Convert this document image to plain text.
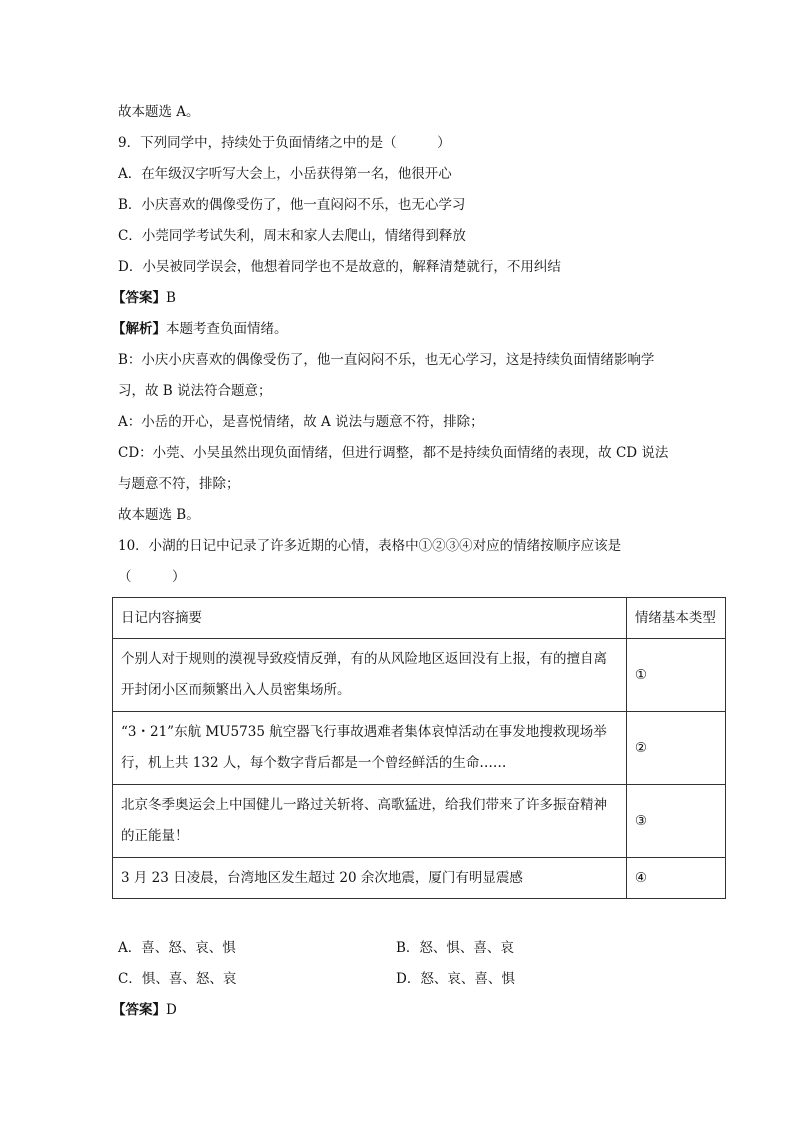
故本题选 A。
9．下列同学中，持续处于负面情绪之中的是（　　　）
A．在年级汉字听写大会上，小岳获得第一名，他很开心
B．小庆喜欢的偶像受伤了，他一直闷闷不乐，也无心学习
C．小莞同学考试失利，周末和家人去爬山，情绪得到释放
D．小吴被同学误会，他想着同学也不是故意的，解释清楚就行，不用纠结
【答案】B
【解析】本题考查负面情绪。
B：小庆小庆喜欢的偶像受伤了，他一直闷闷不乐，也无心学习，这是持续负面情绪影响学
习，故 B 说法符合题意；
A：小岳的开心，是喜悦情绪，故 A 说法与题意不符，排除；
CD：小莞、小吴虽然出现负面情绪，但进行调整，都不是持续负面情绪的表现，故 CD 说法
与题意不符，排除；
故本题选 B。
10．小湖的日记中记录了许多近期的心情，表格中①②③④对应的情绪按顺序应该是
（　　　）
日记内容摘要	情绪基本类型

个别人对于规则的漠视导致疫情反弹，有的从风险地区返回没有上报，有的擅自离开封闭小区而频繁出入人员密集场所。	①

“3・21”东航 MU5735 航空器飞行事故遇难者集体哀悼活动在事发地搜救现场举行，机上共 132 人，每个数字背后都是一个曾经鲜活的生命……	②

北京冬季奥运会上中国健儿一路过关斩将、高歌猛进，给我们带来了许多振奋精神的正能量！	③

3 月 23 日凌晨，台湾地区发生超过 20 余次地震，厦门有明显震感	④
A．喜、怒、哀、惧	B．怒、惧、喜、哀
C．惧、喜、怒、哀	D．怒、哀、喜、惧
【答案】D
